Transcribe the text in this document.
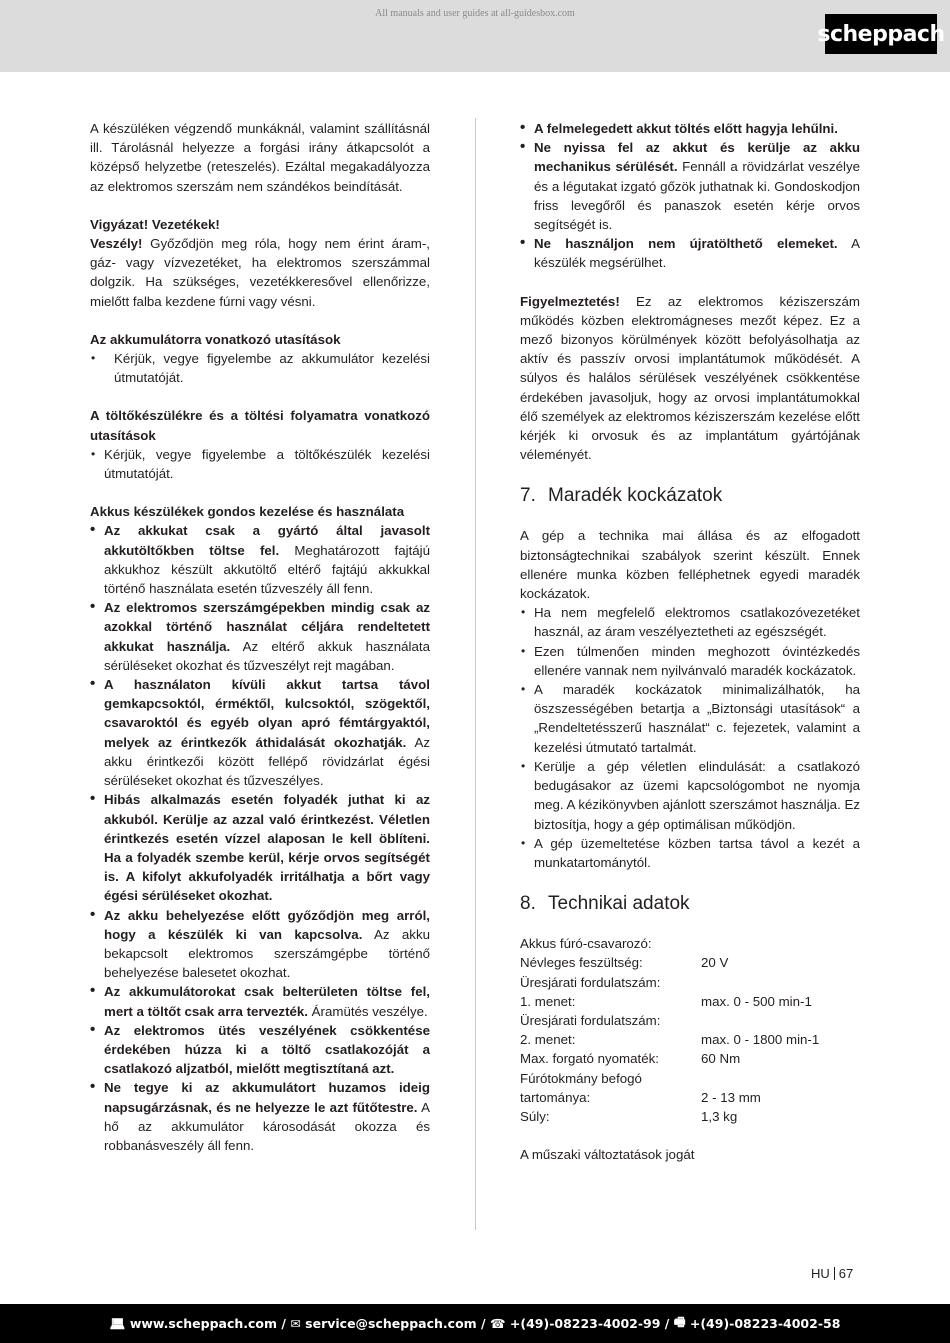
All manuals and user guides at all-guidesbox.com
scheppach

A készüléken végzendő munkáknál, valamint szállításnál ill. Tárolásnál helyezze a forgási irány átkapcsolót a középső helyzetbe (reteszelés). Ezáltal megakadályozza az elektromos szerszám nem szándékos beindítását.

Vigyázat! Vezetékek!

Veszély! Győződjön meg róla, hogy nem érint áram-, gáz- vagy vízvezetéket, ha elektromos szerszámmal dolgzik. Ha szükséges, vezetékkeresővel ellenőrizze, mielőtt falba kezdene fúrni vagy vésni.

Az akkumulátorra vonatkozó utasítások

• Kérjük, vegye figyelembe az akkumulátor kezelési útmutatóját.

A töltőkészülékre és a töltési folyamatra vonatkozó utasítások

• Kérjük, vegye figyelembe a töltőkészülék kezelési útmutatóját.

Akkus készülékek gondos kezelése és használata

• Az akkukat csak a gyártó által javasolt akkutöltőkben töltse fel. Meghatározott fajtájú akkukhoz készült akkutöltő eltérő fajtájú akkukkal történő használata esetén tűzveszély áll fenn.
• Az elektromos szerszámgépekben mindig csak az azokkal történő használat céljára rendeltetett akkukat használja. Az eltérő akkuk használata sérüléseket okozhat és tűzveszélyt rejt magában.
• A használaton kívüli akkut tartsa távol gemkapcsoktól, érméktől, kulcsoktól, szögektől, csavaroktól és egyéb olyan apró fémtárgyaktól, melyek az érintkezők áthidalását okozhatják. Az akku érintkezői között fellépő rövidzárlat égési sérüléseket okozhat és tűzveszélyes.
• Hibás alkalmazás esetén folyadék juthat ki az akkuból. Kerülje az azzal való érintkezést. Véletlen érintkezés esetén vízzel alaposan le kell öblíteni. Ha a folyadék szembe kerül, kérje orvos segítségét is. A kifolyt akkufolyadék irritálhatja a bőrt vagy égési sérüléseket okozhat.
• Az akku behelyezése előtt győződjön meg arról, hogy a készülék ki van kapcsolva. Az akku bekapcsolt elektromos szerszámgépbe történő behelyezése balesetet okozhat.
• Az akkumulátorokat csak belterületen töltse fel, mert a töltőt csak arra tervezték. Áramütés veszélye.
• Az elektromos ütés veszélyének csökkentése érdekében húzza ki a töltő csatlakozóját a csatlakozó aljzatból, mielőtt megtisztítaná azt.
• Ne tegye ki az akkumulátort huzamos ideig napsugárzásnak, és ne helyezze le azt fűtőtestre. A hő az akkumulátor károsodását okozza és robbanásveszély áll fenn.
• A felmelegedett akkut töltés előtt hagyja lehűlni.
• Ne nyissa fel az akkut és kerülje az akku mechanikus sérülését. Fennáll a rövidzárlat veszélye és a légutakat izgató gőzök juthatnak ki. Gondoskodjon friss levegőről és panaszok esetén kérje orvos segítségét is.
• Ne használjon nem újratölthető elemeket. A készülék megsérülhet.

Figyelmeztetés! Ez az elektromos kéziszerszám működés közben elektromágneses mezőt képez. Ez a mező bizonyos körülmények között befolyásolhatja az aktív és passzív orvosi implantátumok működését. A súlyos és halálos sérülések veszélyének csökkentése érdekében javasoljuk, hogy az orvosi implantátumokkal élő személyek az elektromos kéziszerszám kezelése előtt kérjék ki orvosuk és az implantátum gyártójának véleményét.

7. Maradék kockázatok

A gép a technika mai állása és az elfogadott biztonságtechnikai szabályok szerint készült. Ennek ellenére munka közben felléphetnek egyedi maradék kockázatok.

• Ha nem megfelelő elektromos csatlakozóvezetéket használ, az áram veszélyeztetheti az egészségét.
• Ezen túlmenően minden meghozott óvintézkedés ellenére vannak nem nyilvánvaló maradék kockázatok.
• A maradék kockázatok minimalizálhatók, ha öszszességében betartja a „Biztonsági utasítások“ a „Rendeltetésszerű használat“ c. fejezetek, valamint a kezelési útmutató tartalmát.
• Kerülje a gép véletlen elindulását: a csatlakozó bedugásakor az üzemi kapcsológombot ne nyomja meg. A kézikönyvben ajánlott szerszámot használja. Ez biztosítja, hogy a gép optimálisan működjön.
• A gép üzemeltetése közben tartsa távol a kezét a munkatartománytól.
8. Technikai adatok

Akkus fúró-csavarozó:

Névleges feszültség:	20 V
Üresjárati fordulatszám:
1. menet:	max. 0 - 500 min-1
Üresjárati fordulatszám:
2. menet:	max. 0 - 1800 min-1
Max. forgató nyomaték:	60 Nm
Fúrótokmány befogó
tartománya:	2 - 13 mm
Súly:	1,3 kg

A műszaki változtatások jogát

HU 67
💻︎ www.scheppach.com / ✉︎ service@scheppach.com / ☎︎ +(49)-08223-4002-99 / 🖷︎ +(49)-08223-4002-58
